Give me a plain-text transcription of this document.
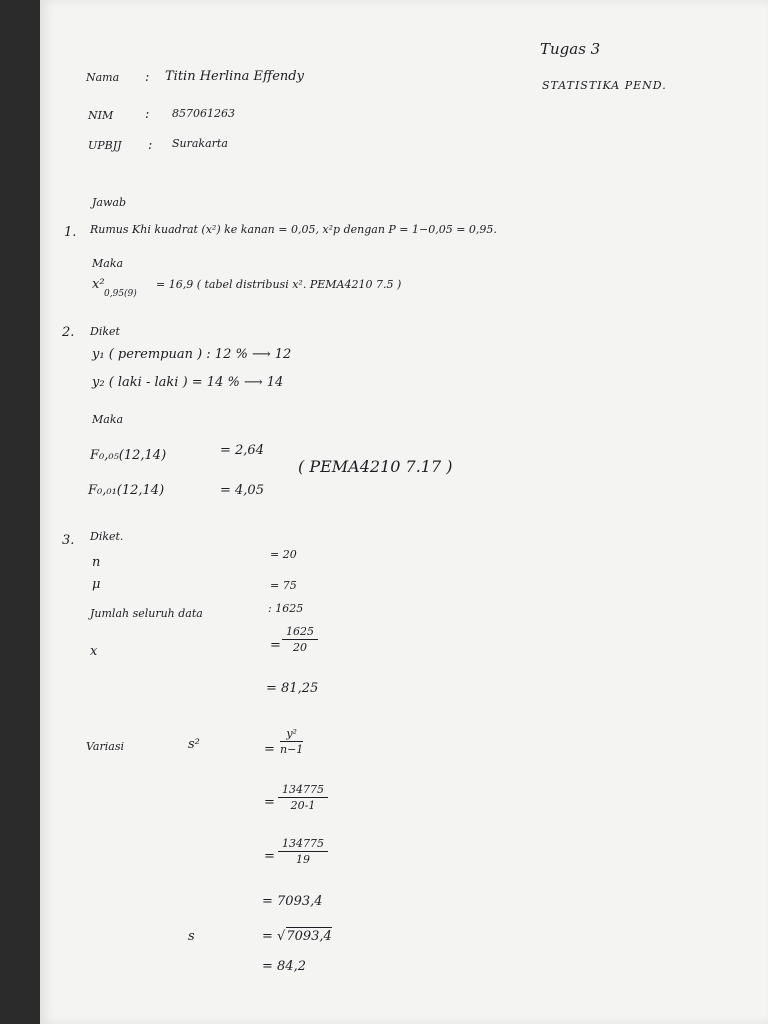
Tugas 3
STATISTIKA PEND.
Nama : Titin Herlina Effendy
NIM : 857061263
UPBJJ : Surakarta
Jawab
1. Rumus Khi kuadrat (x²) ke kanan = 0,05, x²p dengan P = 1−0,05 = 0,95.
Maka
x²
0,95(9)
= 16,9 ( tabel distribusi x². PEMA4210 7.5 )
2. Diket
y₁ ( perempuan ) : 12 % ⟶ 12
y₂ ( laki - laki ) = 14 % ⟶ 14
Maka
F₀,₀₅(12,14)	= 2,64
F₀,₀₁(12,14)	= 4,05
( PEMA4210 7.17 )
3. Diket.
n
= 20
μ	= 75
Jumlah seluruh data	: 1625
= $\frac{1625}{20}$
x
= 81,25
Variasi	s²	= $\frac{\text{y²}}{n-1}$
= $\frac{134775}{20-1}$
= $\frac{134775}{19}$
= 7093,4
s	= √7093,4
= 84,2
